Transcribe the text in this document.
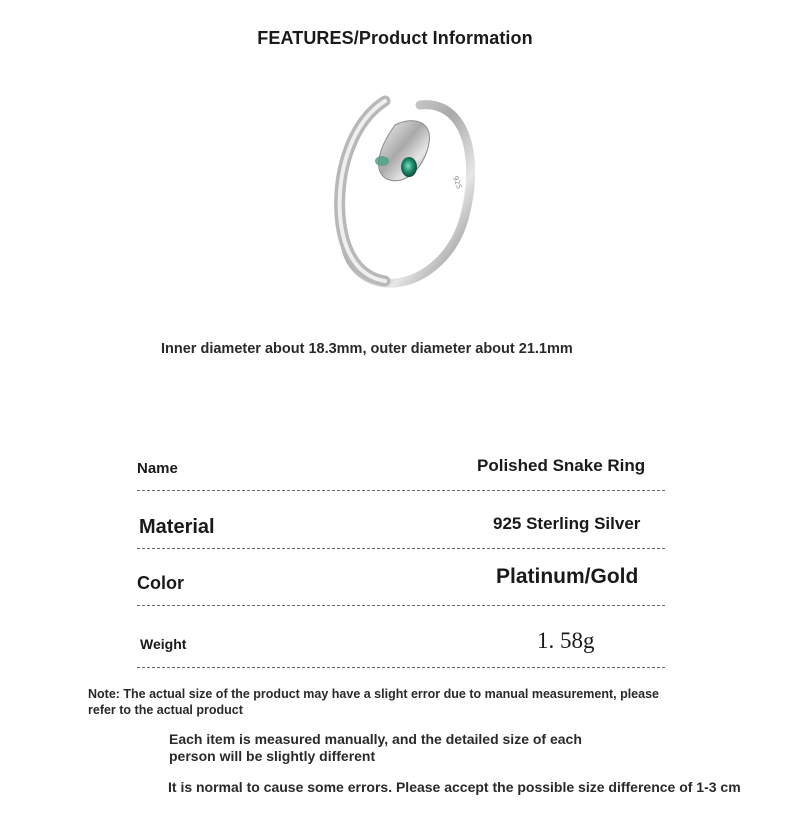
FEATURES/Product Information
925
Inner diameter about 18.3mm, outer diameter about 21.1mm
Name	Polished Snake Ring
Material	925 Sterling Silver
Color	Platinum/Gold
Weight	1. 58g
Note: The actual size of the product may have a slight error due to manual measurement, please refer to the actual product
Each item is measured manually, and the detailed size of each person will be slightly different
It is normal to cause some errors. Please accept the possible size difference of 1-3 cm
